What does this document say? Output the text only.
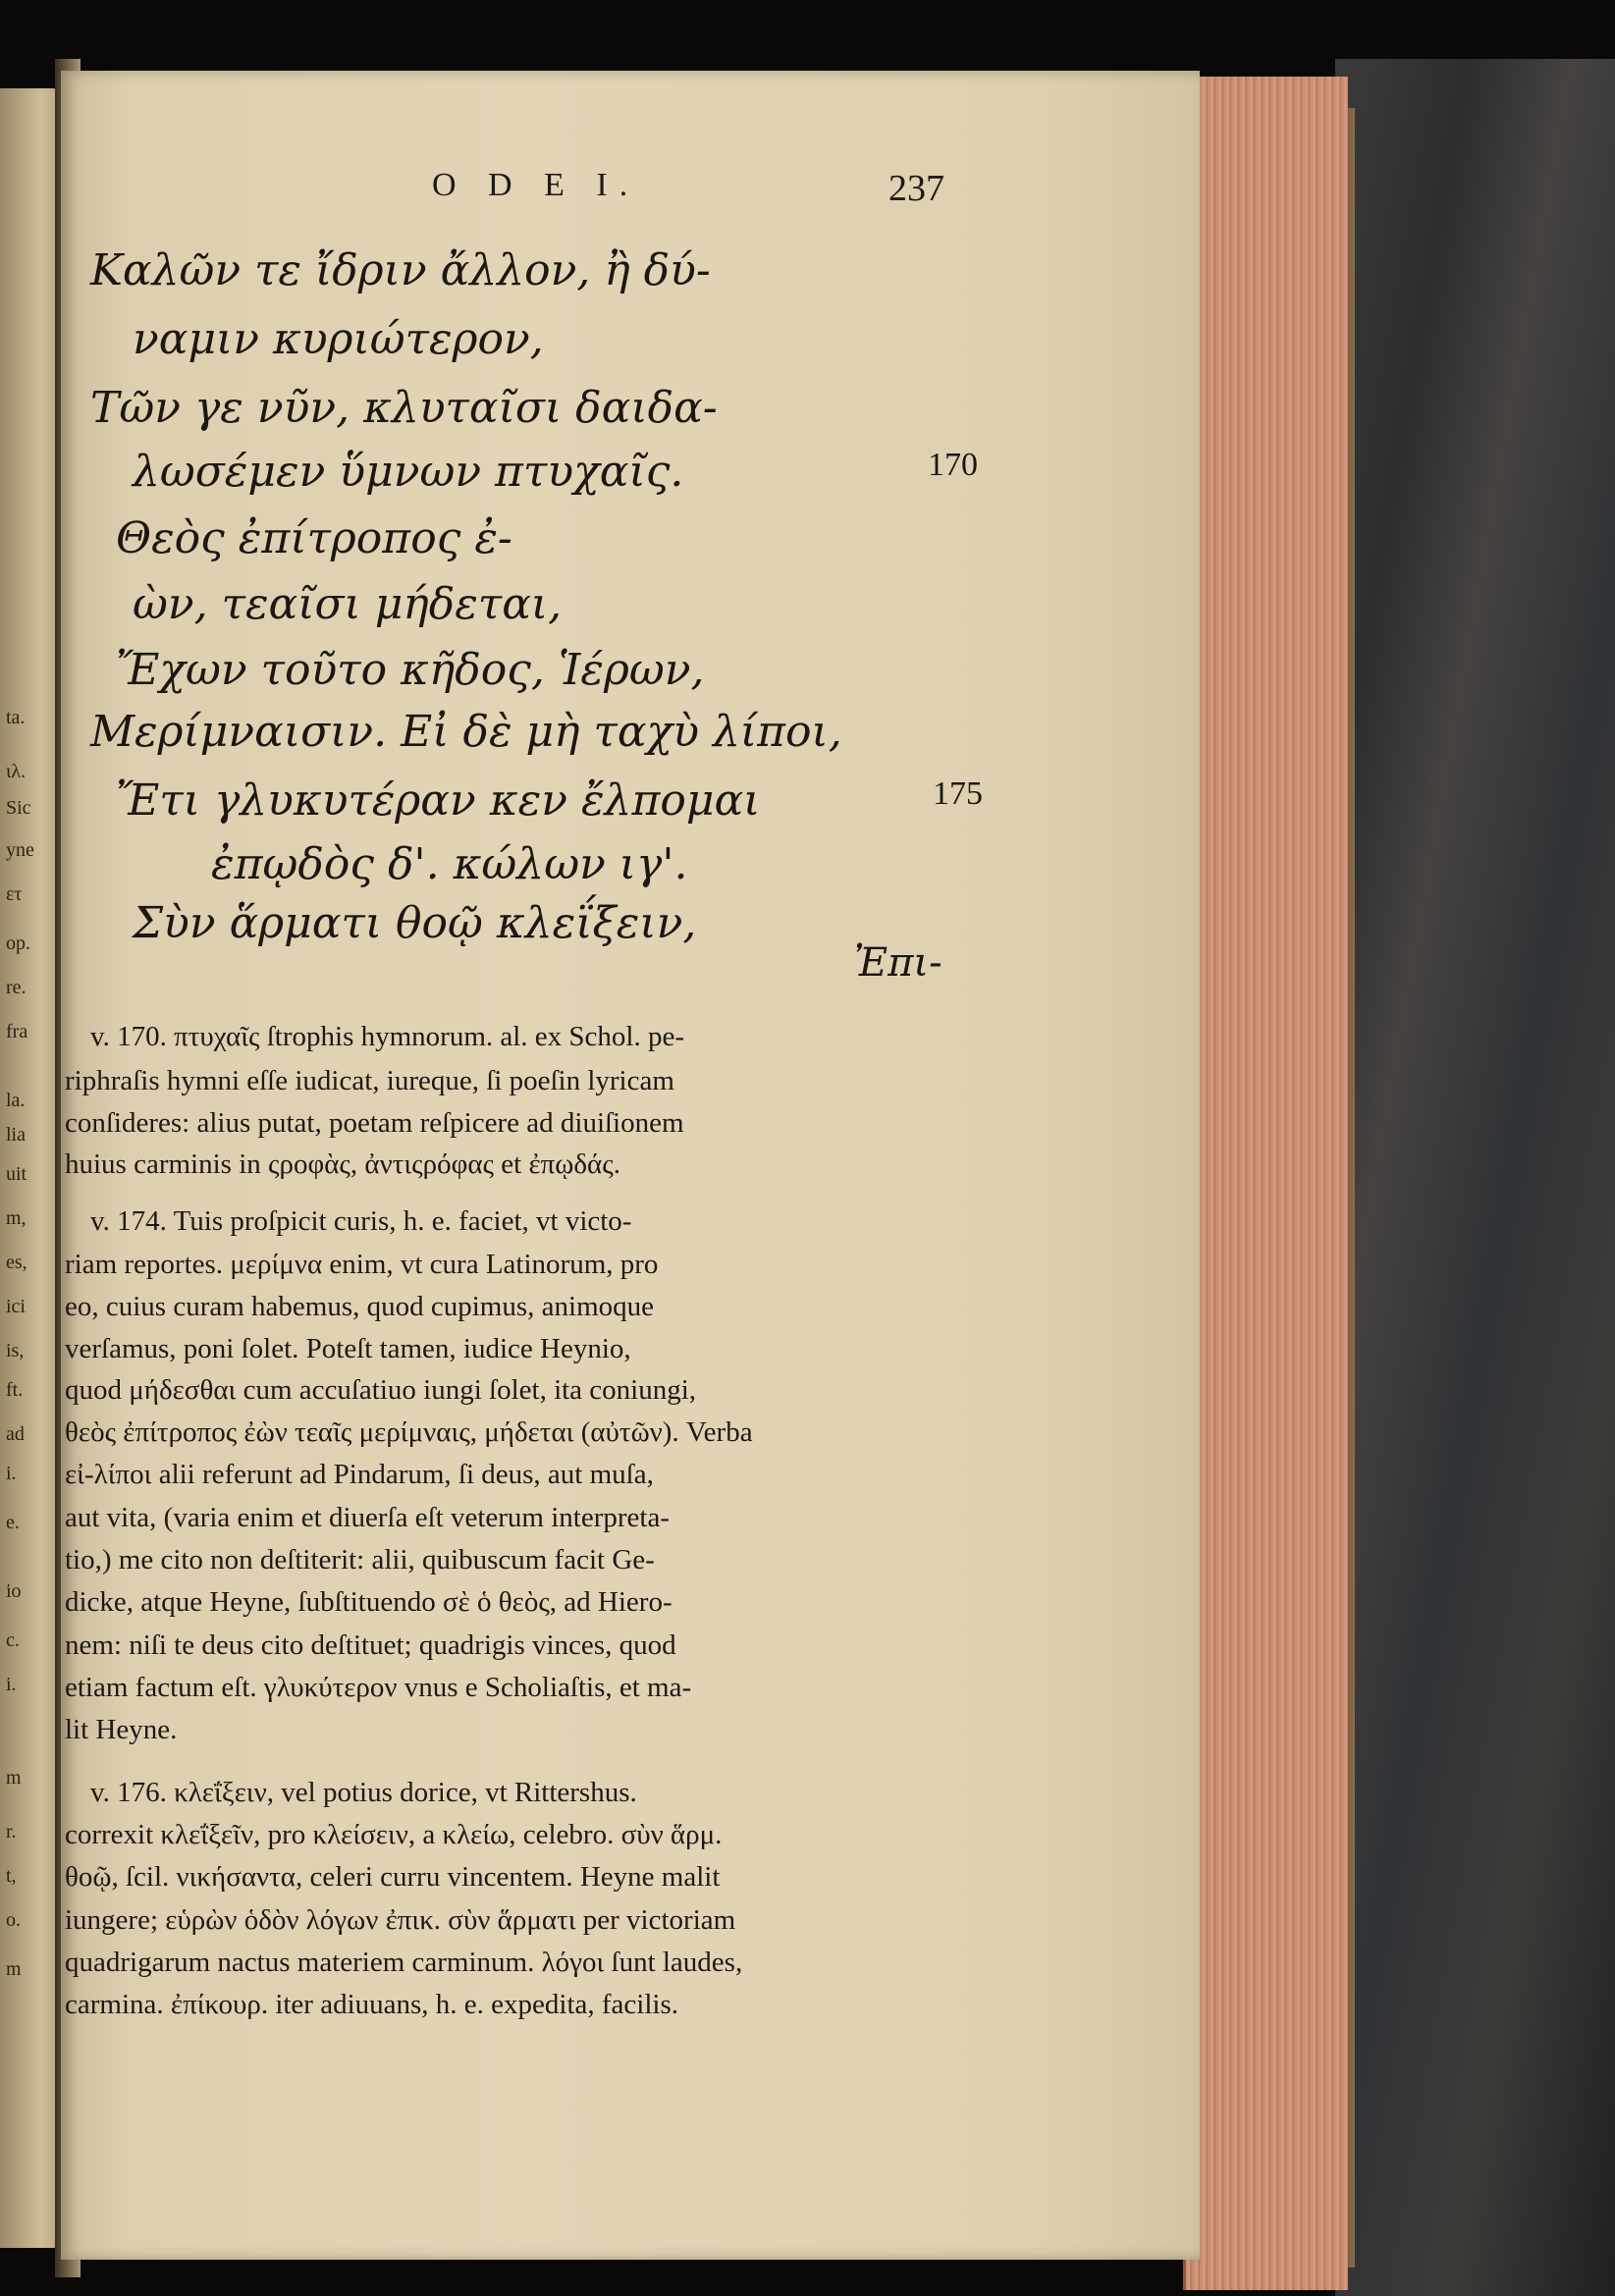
ta.
ιλ.
Sic
yne
ετ
op.
re.
fra
la.
lia
uit
m,
es,
ici
is,
ft.
ad
i.
e.
io
c.
i.
m
r.
t,
o.
m
O D E I.	237
Καλῶν τε ἴδριν ἄλλον, ἢ δύ-
ναμιν κυριώτερον,
Τῶν γε νῦν, κλυταῖσι δαιδα-
λωσέμεν ὕμνων πτυχαῖς.
Θεὸς ἐπίτροπος ἐ-
ὼν, τεαῖσι μήδεται,
Ἔχων τοῦτο κῆδος, Ἱέρων,
Μερίμναισιν. Εἰ δὲ μὴ ταχὺ λίποι,
Ἔτι γλυκυτέραν κεν ἔλπομαι
ἐπῳδὸς δ'. κώλων ιγ'.
Σὺν ἅρματι θοῷ κλεΐξειν,
Ἐπι-
170
175
v. 170. πτυχαῖς ſtrophis hymnorum. al. ex Schol. pe-
riphraſis hymni eſſe iudicat, iureque, ſi poeſin lyricam
conſideres: alius putat, poetam reſpicere ad diuiſionem
huius carminis in ςροφὰς, ἀντιςρόφας et ἐπῳδάς.
v. 174. Tuis proſpicit curis, h. e. faciet, vt victo-
riam reportes. μερίμνα enim, vt cura Latinorum, pro
eo, cuius curam habemus, quod cupimus, animoque
verſamus, poni ſolet. Poteſt tamen, iudice Heynio,
quod μήδεσθαι cum accuſatiuo iungi ſolet, ita coniungi,
θεὸς ἐπίτροπος ἐὼν τεαῖς μερίμναις, μήδεται (αὐτῶν). Verba
εἰ-λίποι alii referunt ad Pindarum, ſi deus, aut muſa,
aut vita, (varia enim et diuerſa eſt veterum interpreta-
tio,) me cito non deſtiterit: alii, quibuscum facit Ge-
dicke, atque Heyne, ſubſtituendo σὲ ὁ θεὸς, ad Hiero-
nem: niſi te deus cito deſtituet; quadrigis vinces, quod
etiam factum eſt. γλυκύτερον vnus e Scholiaſtis, et ma-
lit Heyne.
v. 176. κλεΐξειν, vel potius dorice, vt Rittershus.
correxit κλεΐξεῖν, pro κλείσειν, a κλείω, celebro. σὺν ἅρμ.
θοῷ, ſcil. νικήσαντα, celeri curru vincentem. Heyne malit
iungere; εὑρὼν ὁδὸν λόγων ἐπικ. σὺν ἅρματι per victoriam
quadrigarum nactus materiem carminum. λόγοι ſunt laudes,
carmina. ἐπίκουρ. iter adiuuans, h. e. expedita, facilis.
